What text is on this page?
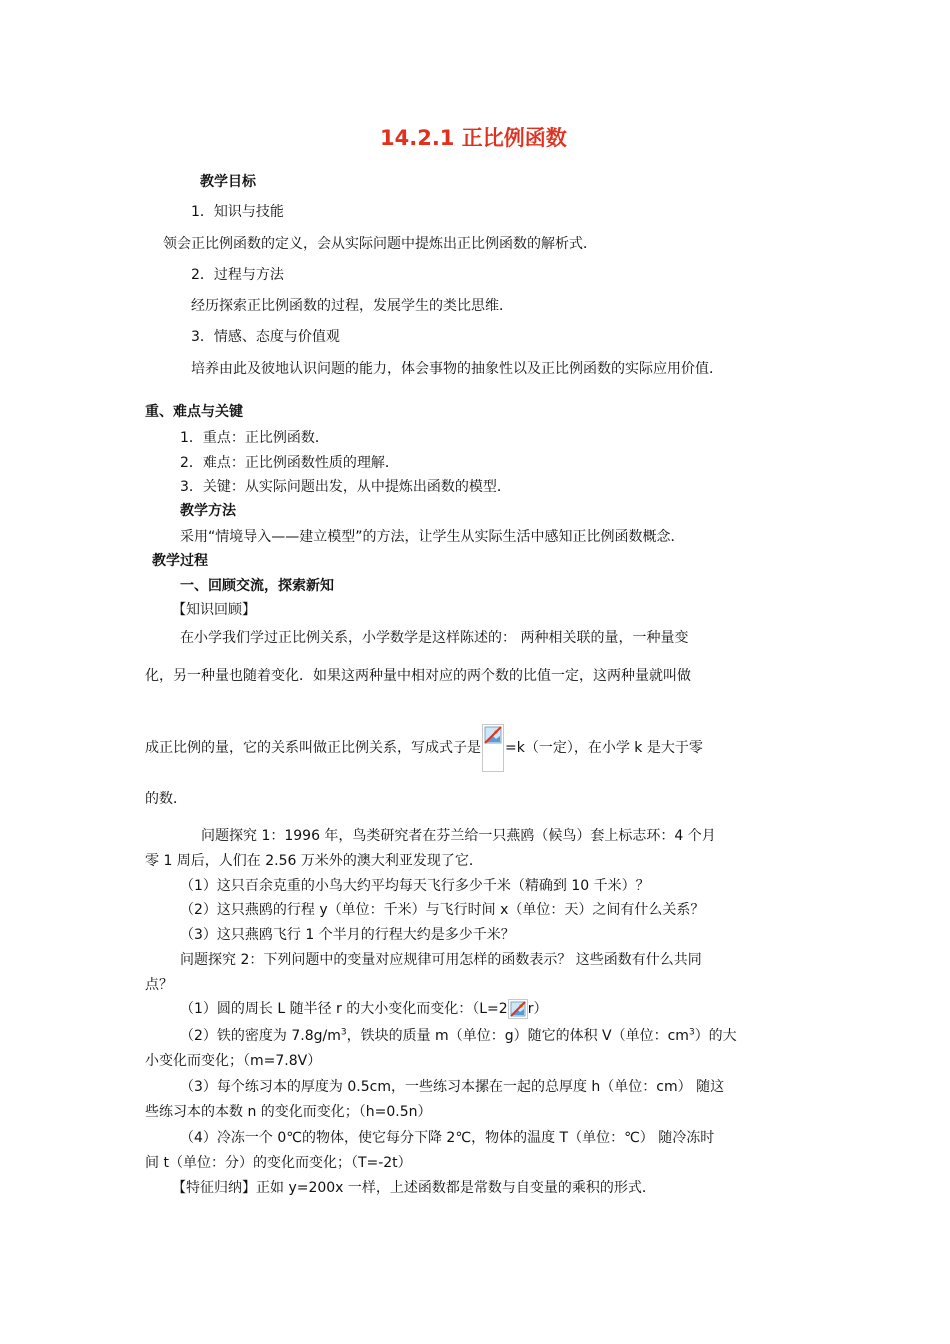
14.2.1 正比例函数
教学目标
1．知识与技能
领会正比例函数的定义，会从实际问题中提炼出正比例函数的解析式．
2．过程与方法
经历探索正比例函数的过程，发展学生的类比思维．
3．情感、态度与价值观
培养由此及彼地认识问题的能力，体会事物的抽象性以及正比例函数的实际应用价值．
重、难点与关键
1．重点：正比例函数．
2．难点：正比例函数性质的理解．
3．关键：从实际问题出发，从中提炼出函数的模型．
教学方法
采用“情境导入——建立模型”的方法，让学生从实际生活中感知正比例函数概念．
教学过程
一、回顾交流，探索新知
【知识回顾】
在小学我们学过正比例关系，小学数学是这样陈述的： 两种相关联的量，一种量变
化，另一种量也随着变化．如果这两种量中相对应的两个数的比值一定，这两种量就叫做
成正比例的量，它的关系叫做正比例关系，写成式子是 =k（一定），在小学 k 是大于零
的数．
问题探究 1：1996 年，鸟类研究者在芬兰给一只燕鸥（候鸟）套上标志环：4 个月
零 1 周后，人们在 2.56 万米外的澳大利亚发现了它．
（1）这只百余克重的小鸟大约平均每天飞行多少千米（精确到 10 千米）？
（2）这只燕鸥的行程 y（单位：千米）与飞行时间 x（单位：天）之间有什么关系？
（3）这只燕鸥飞行 1 个半月的行程大约是多少千米？
问题探究 2：下列问题中的变量对应规律可用怎样的函数表示？ 这些函数有什么共同
点？
（1）圆的周长 L 随半径 r 的大小变化而变化：（L=2 r）
（2）铁的密度为 $7.8g/m^3$，铁块的质量 m（单位：g）随它的体积 V（单位：$cm^3$）的大
小变化而变化；（m=7.8V）
（3）每个练习本的厚度为 0.5cm，一些练习本摞在一起的总厚度 h（单位：cm） 随这
些练习本的本数 n 的变化而变化；（h=0.5n）
（4）冷冻一个 0℃的物体，使它每分下降 2℃，物体的温度 T（单位：℃） 随冷冻时
间 t（单位：分）的变化而变化；（T=-2t）
【特征归纳】正如 y=200x 一样，上述函数都是常数与自变量的乘积的形式．
